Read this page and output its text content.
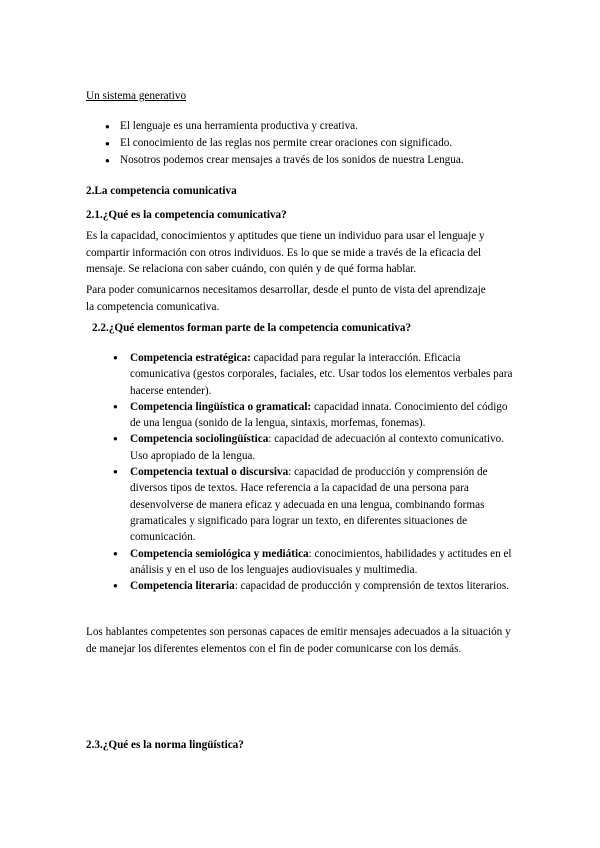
Un sistema generativo

● El lenguaje es una herramienta productiva y creativa.
● El conocimiento de las reglas nos permite crear oraciones con significado.
● Nosotros podemos crear mensajes a través de los sonidos de nuestra Lengua.

2.La competencia comunicativa

2.1.¿Qué es la competencia comunicativa?

Es la capacidad, conocimientos y aptitudes que tiene un individuo para usar el lenguaje y compartir información con otros individuos. Es lo que se mide a través de la eficacia del mensaje. Se relaciona con saber cuándo, con quién y de qué forma hablar.

Para poder comunicarnos necesitamos desarrollar, desde el punto de vista del aprendizaje la competencia comunicativa.

2.2.¿Qué elementos forman parte de la competencia comunicativa?

● Competencia estratégica: capacidad para regular la interacción. Eficacia comunicativa (gestos corporales, faciales, etc. Usar todos los elementos verbales para hacerse entender).
● Competencia lingüística o gramatical: capacidad innata. Conocimiento del código de una lengua (sonido de la lengua, sintaxis, morfemas, fonemas).
● Competencia sociolingüística: capacidad de adecuación al contexto comunicativo. Uso apropiado de la lengua.
● Competencia textual o discursiva: capacidad de producción y comprensión de diversos tipos de textos. Hace referencia a la capacidad de una persona para desenvolverse de manera eficaz y adecuada en una lengua, combinando formas gramaticales y significado para lograr un texto, en diferentes situaciones de comunicación.
● Competencia semiológica y mediática: conocimientos, habilidades y actitudes en el análisis y en el uso de los lenguajes audiovisuales y multimedia.
● Competencia literaria: capacidad de producción y comprensión de textos literarios.

Los hablantes competentes son personas capaces de emitir mensajes adecuados a la situación y de manejar los diferentes elementos con el fin de poder comunicarse con los demás.

2.3.¿Qué es la norma lingüística?
